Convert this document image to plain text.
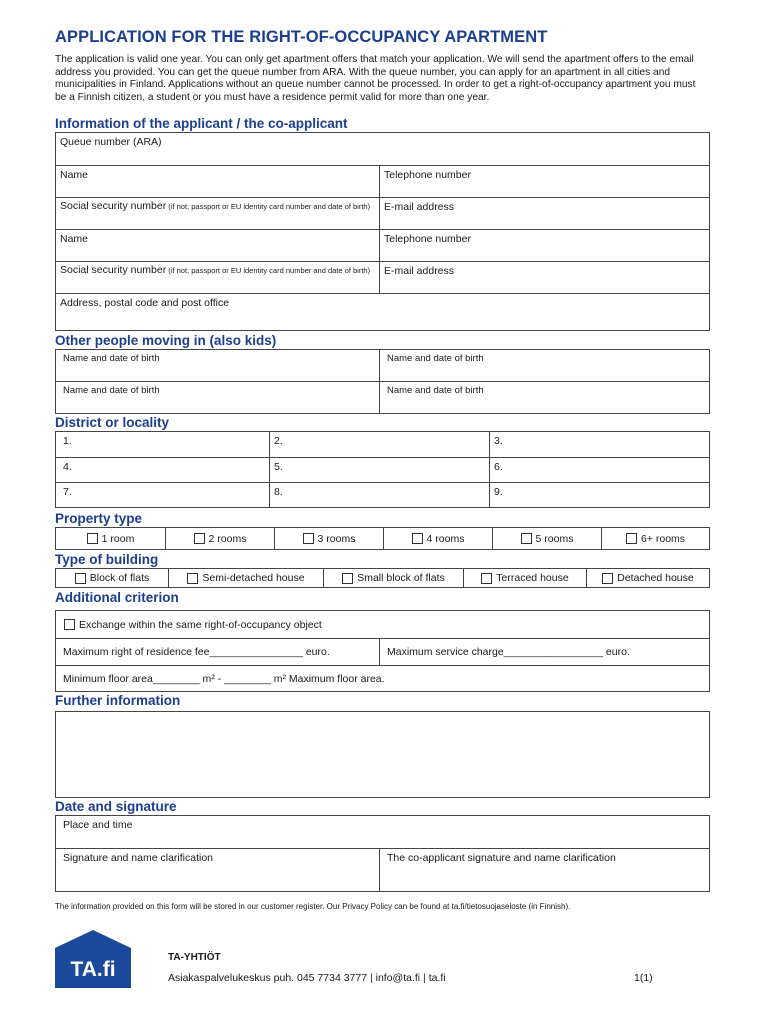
APPLICATION FOR THE RIGHT-OF-OCCUPANCY APARTMENT

The application is valid one year. You can only get apartment offers that match your application. We will send the apartment offers to the email address you provided. You can get the queue number from ARA. With the queue number, you can apply for an apartment in all cities and municipalities in Finland. Applications without an queue number cannot be processed. In order to get a right-of-occupancy apartment you must be a Finnish citizen, a student or you must have a residence permit valid for more than one year.

Information of the applicant / the co-applicant
Queue number (ARA)
Name	Telephone number
Social security number (if not; passport or EU identity card number and date of birth)	E-mail address
Name	Telephone number
Social security number (if not; passport or EU identity card number and date of birth)	E-mail address
Address, postal code and post office
Other people moving in (also kids)
Name and date of birth	Name and date of birth
Name and date of birth	Name and date of birth
District or locality
1.	2.	3.
4.	5.	6.
7.	8.	9.
Property type
1 room	2 rooms	3 rooms	4 rooms	5 rooms	6+ rooms
Type of building
Block of flats	Semi-detached house	Small block of flats	Terraced house	Detached house
Additional criterion
Exchange within the same right-of-occupancy object
Maximum right of residence fee________________ euro.	Maximum service charge_________________ euro.
Minimum floor area________ m² - ________ m² Maximum floor area.
Further information
Date and signature
Place and time
Signature and name clarification	The co-applicant signature and name clarification
The information provided on this form will be stored in our customer register. Our Privacy Policy can be found at ta.fi/tietosuojaseloste (in Finnish).
TA.fi
TA-YHTIÖT
Asiakaspalvelukeskus puh. 045 7734 3777 | info@ta.fi | ta.fi	1(1)
